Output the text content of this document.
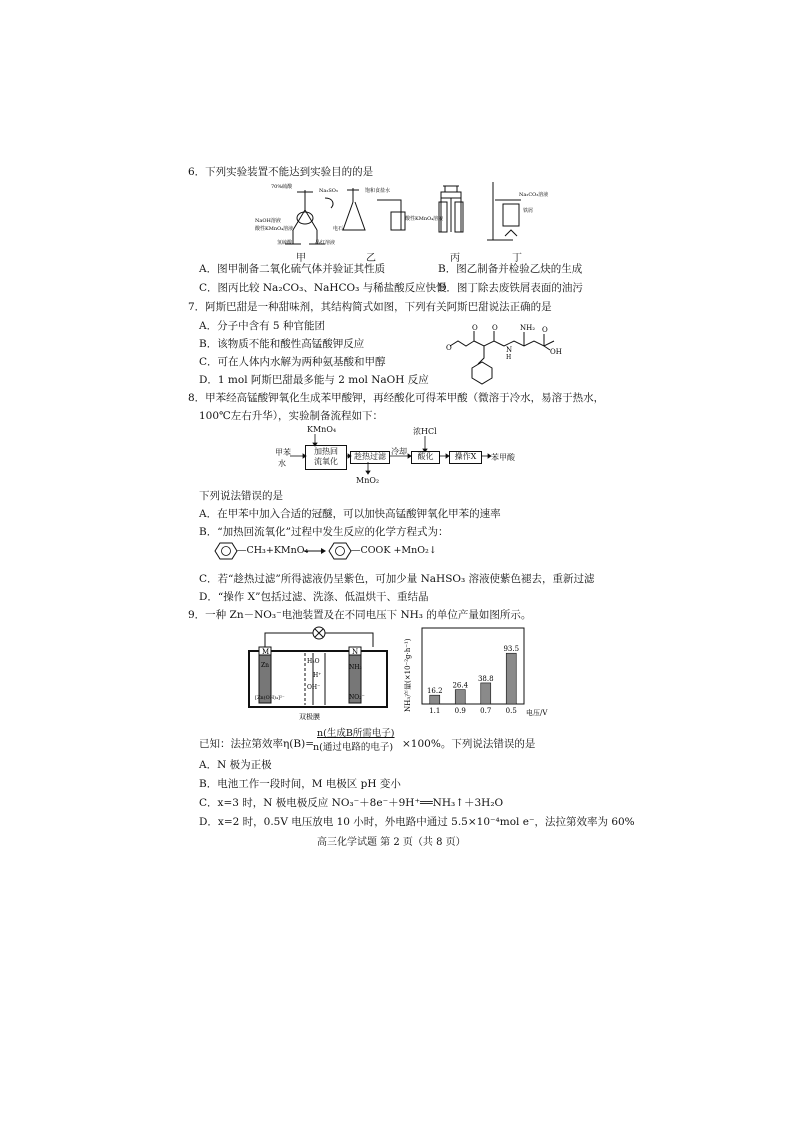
6．下列实验装置不能达到实验目的的是
70%硫酸
Na₂SO₃
NaOH溶液
酸性KMnO₄溶液
氢硫酸	品红溶液
饱和食盐水
电石
酸性KMnO₄溶液
Na₂CO₃溶液
铁屑
甲	乙	丙	丁
A．图甲制备二氧化硫气体并验证其性质	B．图乙制备并检验乙炔的生成
C．图丙比较 Na₂CO₃、NaHCO₃ 与稀盐酸反应快慢
D．图丁除去废铁屑表面的油污
7．阿斯巴甜是一种甜味剂，其结构简式如图，下列有关阿斯巴甜说法正确的是
A．分子中含有 5 种官能团
B．该物质不能和酸性高锰酸钾反应
C．可在人体内水解为两种氨基酸和甲醇
D．1 mol 阿斯巴甜最多能与 2 mol NaOH 反应
O
O O
N
H
NH₂ O
OH
8．甲苯经高锰酸钾氧化生成苯甲酸钾，再经酸化可得苯甲酸（微溶于冷水，易溶于热水，
100℃左右升华），实验制备流程如下：
KMnO₄
甲苯
水
加热回
流氧化
趁热过滤
MnO₂
冷却
浓HCl
酸化	操作X	苯甲酸
下列说法错误的是
A．在甲苯中加入合适的冠醚，可以加快高锰酸钾氧化甲苯的速率
B．“加热回流氧化”过程中发生反应的化学方程式为：
—CH₃+KMnO₄	—COOK +MnO₂↓
C．若“趁热过滤”所得滤液仍呈紫色，可加少量 NaHSO₃ 溶液使紫色褪去，重新过滤
D．“操作 X”包括过滤、洗涤、低温烘干、重结晶
9．一种 Zn－NO₃⁻电池装置及在不同电压下 NH₃ 的单位产量如图所示。
M	N
Zn
[Zn(OH)₄]²⁻
H₂O
H⁺
OH⁻
NH₃
NO₂⁻
双极膜
NH₃产量(×10⁻²g·h⁻¹)
电压/V
16.2
1.1
26.4
0.9
38.8
0.7
93.5
0.5
已知：法拉第效率η(B)=
n(生成B所需电子)
n(通过电路的电子) ×100%。下列说法错误的是
A．N 极为正极
B．电池工作一段时间，M 电极区 pH 变小
C．x=3 时，N 极电极反应 NO₃⁻＋8e⁻＋9H⁺══NH₃↑＋3H₂O
D．x=2 时，0.5V 电压放电 10 小时，外电路中通过 5.5×10⁻⁴mol e⁻，法拉第效率为 60%
高三化学试题 第 2 页（共 8 页）
